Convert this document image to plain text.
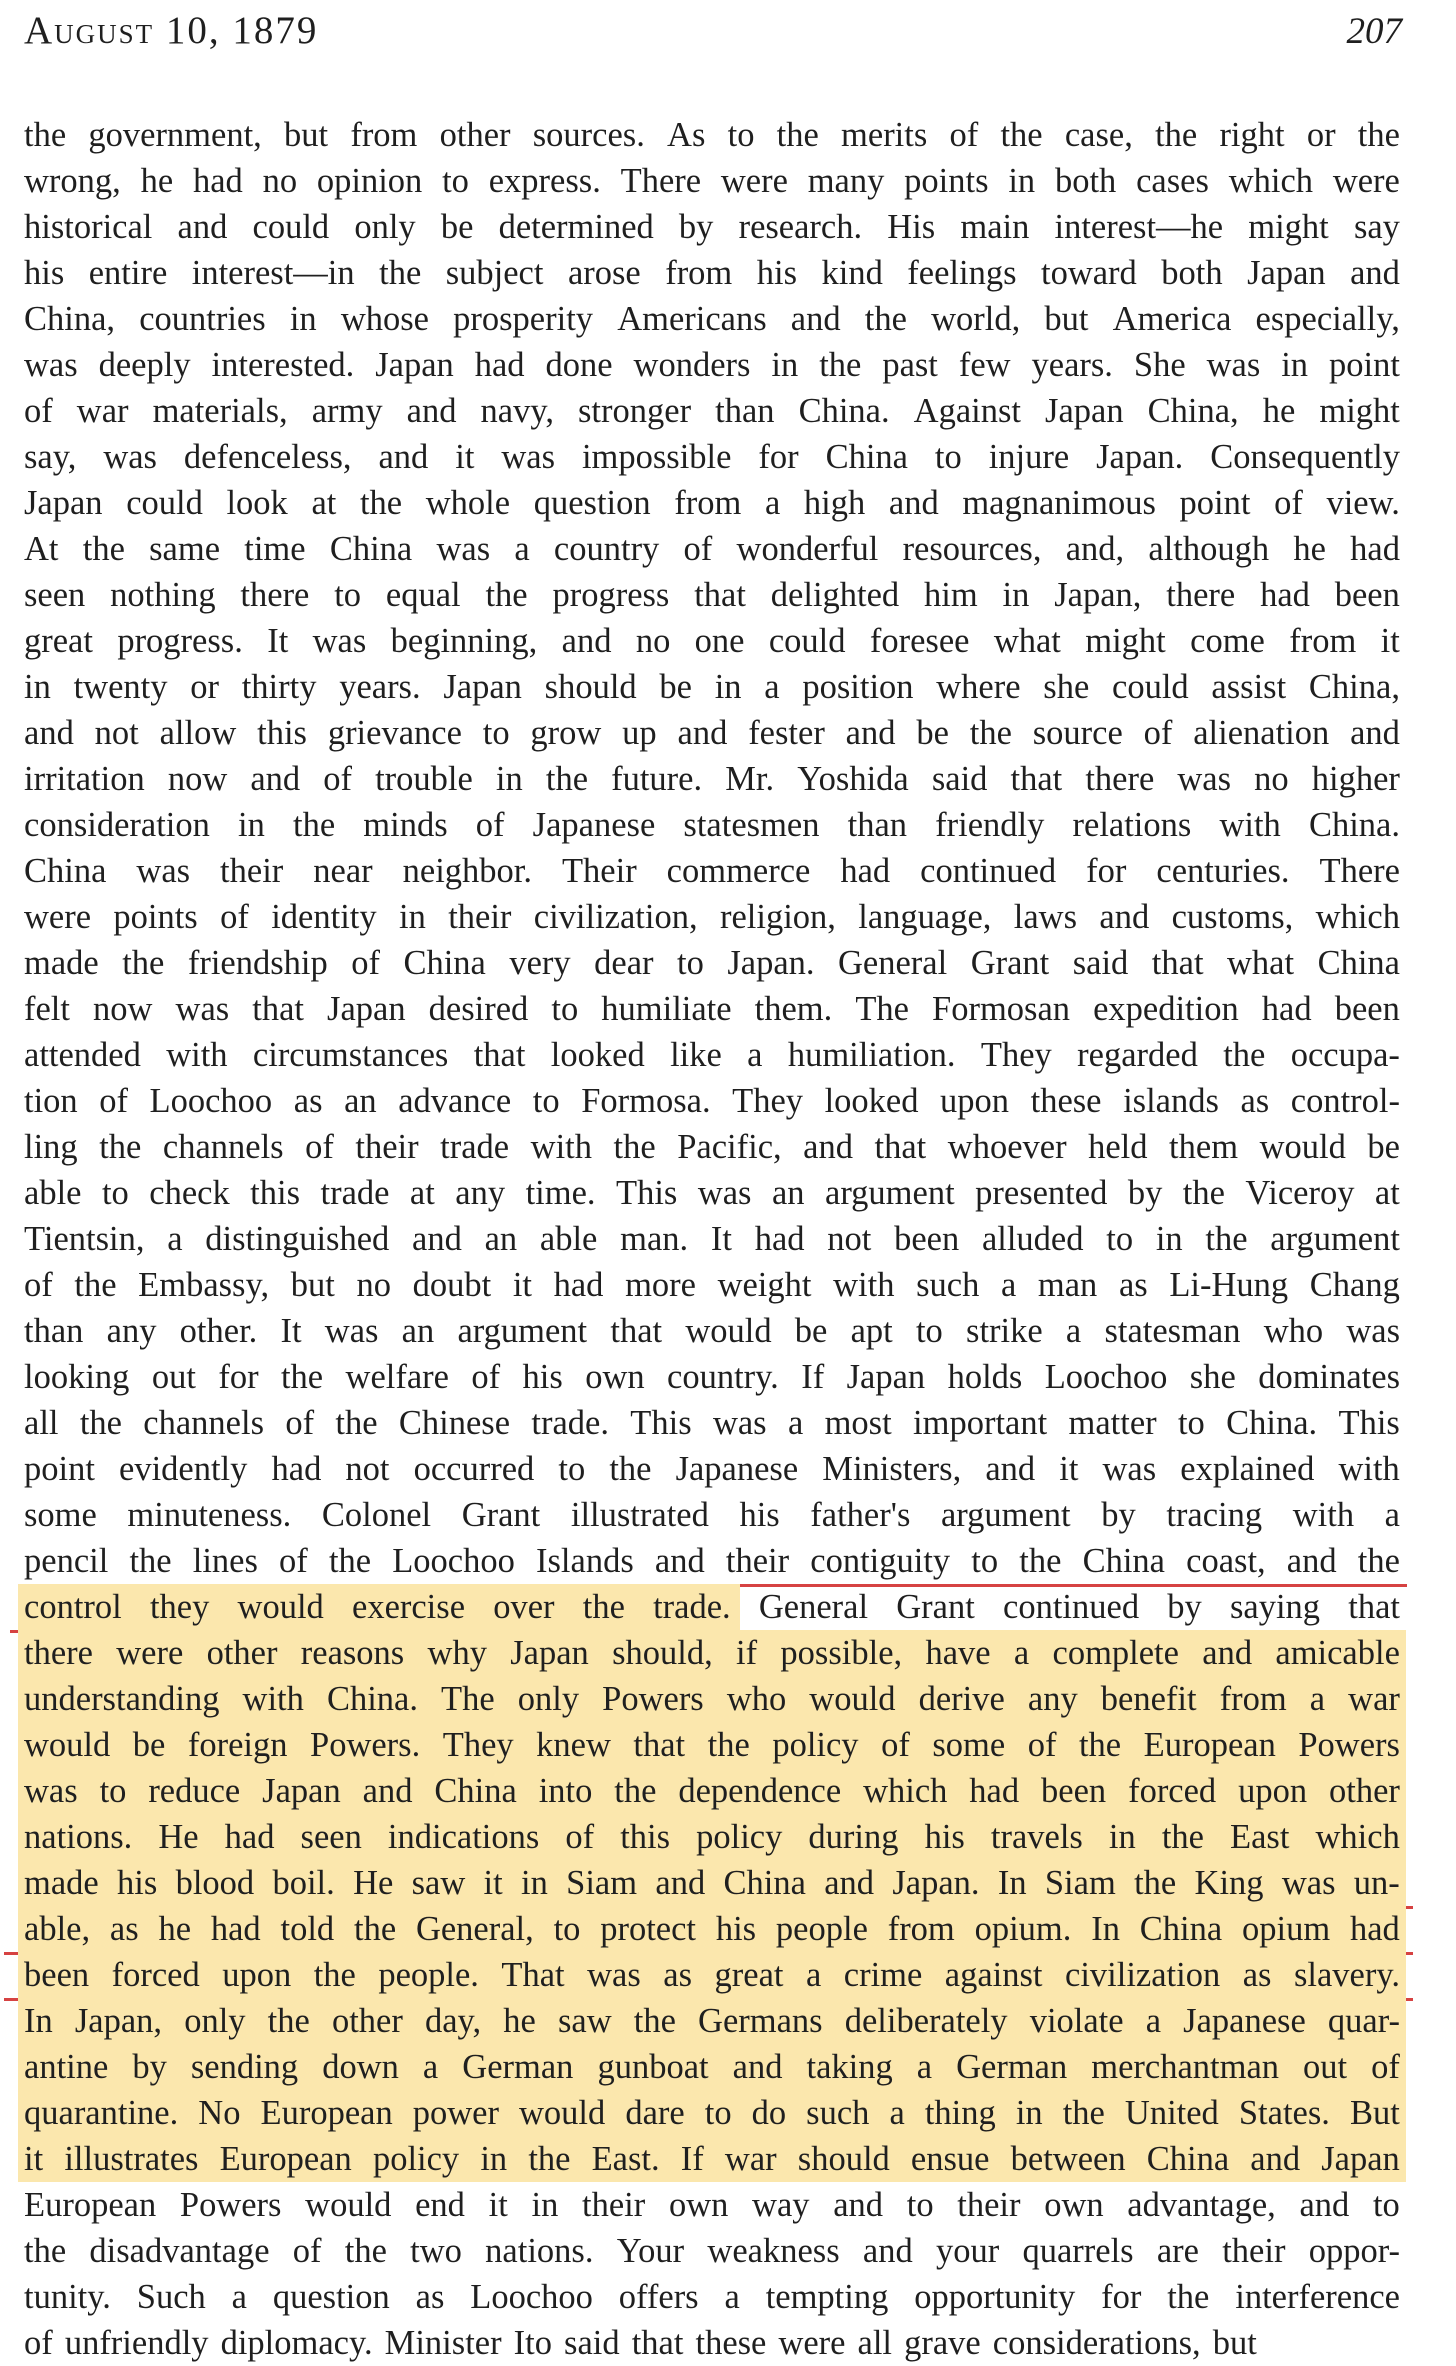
August 10, 1879	207
the government, but from other sources. As to the merits of the case, the right or the
wrong, he had no opinion to express. There were many points in both cases which were
historical and could only be determined by research. His main interest—he might say
his entire interest—in the subject arose from his kind feelings toward both Japan and
China, countries in whose prosperity Americans and the world, but America especially,
was deeply interested. Japan had done wonders in the past few years. She was in point
of war materials, army and navy, stronger than China. Against Japan China, he might
say, was defenceless, and it was impossible for China to injure Japan. Consequently
Japan could look at the whole question from a high and magnanimous point of view.
At the same time China was a country of wonderful resources, and, although he had
seen nothing there to equal the progress that delighted him in Japan, there had been
great progress. It was beginning, and no one could foresee what might come from it
in twenty or thirty years. Japan should be in a position where she could assist China,
and not allow this grievance to grow up and fester and be the source of alienation and
irritation now and of trouble in the future. Mr. Yoshida said that there was no higher
consideration in the minds of Japanese statesmen than friendly relations with China.
China was their near neighbor. Their commerce had continued for centuries. There
were points of identity in their civilization, religion, language, laws and customs, which
made the friendship of China very dear to Japan. General Grant said that what China
felt now was that Japan desired to humiliate them. The Formosan expedition had been
attended with circumstances that looked like a humiliation. They regarded the occupa-
tion of Loochoo as an advance to Formosa. They looked upon these islands as control-
ling the channels of their trade with the Pacific, and that whoever held them would be
able to check this trade at any time. This was an argument presented by the Viceroy at
Tientsin, a distinguished and an able man. It had not been alluded to in the argument
of the Embassy, but no doubt it had more weight with such a man as Li-Hung Chang
than any other. It was an argument that would be apt to strike a statesman who was
looking out for the welfare of his own country. If Japan holds Loochoo she dominates
all the channels of the Chinese trade. This was a most important matter to China. This
point evidently had not occurred to the Japanese Ministers, and it was explained with
some minuteness. Colonel Grant illustrated his father's argument by tracing with a
pencil the lines of the Loochoo Islands and their contiguity to the China coast, and the
control they would exercise over the trade. General Grant continued by saying that
there were other reasons why Japan should, if possible, have a complete and amicable
understanding with China. The only Powers who would derive any benefit from a war
would be foreign Powers. They knew that the policy of some of the European Powers
was to reduce Japan and China into the dependence which had been forced upon other
nations. He had seen indications of this policy during his travels in the East which
made his blood boil. He saw it in Siam and China and Japan. In Siam the King was un-
able, as he had told the General, to protect his people from opium. In China opium had
been forced upon the people. That was as great a crime against civilization as slavery.
In Japan, only the other day, he saw the Germans deliberately violate a Japanese quar-
antine by sending down a German gunboat and taking a German merchantman out of
quarantine. No European power would dare to do such a thing in the United States. But
it illustrates European policy in the East. If war should ensue between China and Japan
European Powers would end it in their own way and to their own advantage, and to
the disadvantage of the two nations. Your weakness and your quarrels are their oppor-
tunity. Such a question as Loochoo offers a tempting opportunity for the interference
of unfriendly diplomacy. Minister Ito said that these were all grave considerations, but
